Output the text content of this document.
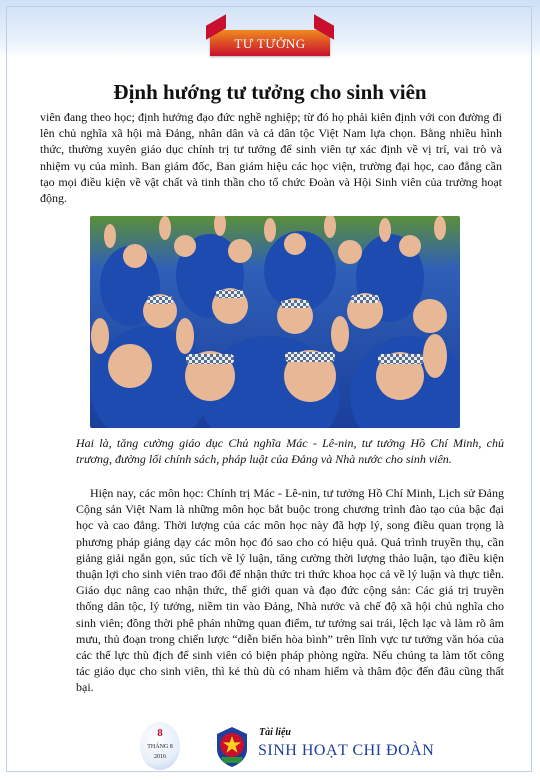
TƯ TƯỞNG
Định hướng tư tưởng cho sinh viên
viên đang theo học; định hướng đạo đức nghề nghiệp; từ đó họ phải kiên định với con đường đi lên chủ nghĩa xã hội mà Đảng, nhân dân và cả dân tộc Việt Nam lựa chọn. Bằng nhiều hình thức, thường xuyên giáo dục chính trị tư tưởng để sinh viên tự xác định về vị trí, vai trò và nhiệm vụ của mình. Ban giám đốc, Ban giám hiệu các học viện, trường đại học, cao đẳng cần tạo mọi điều kiện về vật chất và tinh thần cho tổ chức Đoàn và Hội Sinh viên của trường hoạt động.
Hai là, tăng cường giáo dục Chủ nghĩa Mác - Lê-nin, tư tưởng Hồ Chí Minh, chủ trương, đường lối chính sách, pháp luật của Đảng và Nhà nước cho sinh viên.
Hiện nay, các môn học: Chính trị Mác - Lê-nin, tư tưởng Hồ Chí Minh, Lịch sử Đảng Cộng sản Việt Nam là những môn học bắt buộc trong chương trình đào tạo của bậc đại học và cao đẳng. Thời lượng của các môn học này đã hợp lý, song điều quan trọng là phương pháp giảng dạy các môn học đó sao cho có hiệu quả. Quá trình truyền thụ, cần giảng giải ngắn gọn, súc tích về lý luận, tăng cường thời lượng thảo luận, tạo điều kiện thuận lợi cho sinh viên trao đổi để nhận thức tri thức khoa học cả về lý luận và thực tiễn. Giáo dục nâng cao nhận thức, thế giới quan và đạo đức cộng sản: Các giá trị truyền thống dân tộc, lý tưởng, niềm tin vào Đảng, Nhà nước và chế độ xã hội chủ nghĩa cho sinh viên; đồng thời phê phán những quan điểm, tư tưởng sai trái, lệch lạc và làm rõ âm mưu, thủ đoạn trong chiến lược “diễn biến hòa bình” trên lĩnh vực tư tưởng văn hóa của các thế lực thù địch để sinh viên có biện pháp phòng ngừa. Nếu chúng ta làm tốt công tác giáo dục cho sinh viên, thì kẻ thù dù có nham hiểm và thâm độc đến đâu cũng thất bại.
8
THÁNG 8
2016
Tài liệu
SINH HOẠT CHI ĐOÀN
